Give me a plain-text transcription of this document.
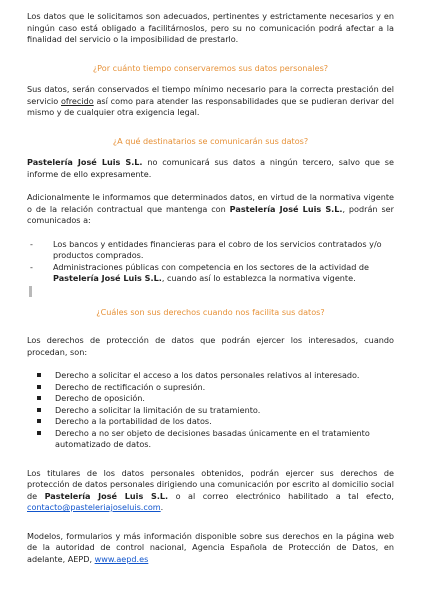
Los datos que le solicitamos son adecuados, pertinentes y estrictamente necesarios y en ningún caso está obligado a facilitárnoslos, pero su no comunicación podrá afectar a la finalidad del servicio o la imposibilidad de prestarlo.

¿Por cuánto tiempo conservaremos sus datos personales?

Sus datos, serán conservados el tiempo mínimo necesario para la correcta prestación del servicio ofrecido así como para atender las responsabilidades que se pudieran derivar del mismo y de cualquier otra exigencia legal.

¿A qué destinatarios se comunicarán sus datos?

Pastelería José Luis S.L. no comunicará sus datos a ningún tercero, salvo que se informe de ello expresamente.

Adicionalmente le informamos que determinados datos, en virtud de la normativa vigente o de la relación contractual que mantenga con Pastelería José Luis S.L., podrán ser comunicados a:

- Los bancos y entidades financieras para el cobro de los servicios contratados y/o productos comprados.
- Administraciones públicas con competencia en los sectores de la actividad de Pastelería José Luis S.L., cuando así lo establezca la normativa vigente.

¿Cuáles son sus derechos cuando nos facilita sus datos?

Los derechos de protección de datos que podrán ejercer los interesados, cuando procedan, son:

Derecho a solicitar el acceso a los datos personales relativos al interesado.
Derecho de rectificación o supresión.
Derecho de oposición.
Derecho a solicitar la limitación de su tratamiento.
Derecho a la portabilidad de los datos.
Derecho a no ser objeto de decisiones basadas únicamente en el tratamiento automatizado de datos.

Los titulares de los datos personales obtenidos, podrán ejercer sus derechos de protección de datos personales dirigiendo una comunicación por escrito al domicilio social de Pastelería José Luis S.L. o al correo electrónico habilitado a tal efecto, contacto@pasteleriajoseluis.com.

Modelos, formularios y más información disponible sobre sus derechos en la página web de la autoridad de control nacional, Agencia Española de Protección de Datos, en adelante, AEPD, www.aepd.es
